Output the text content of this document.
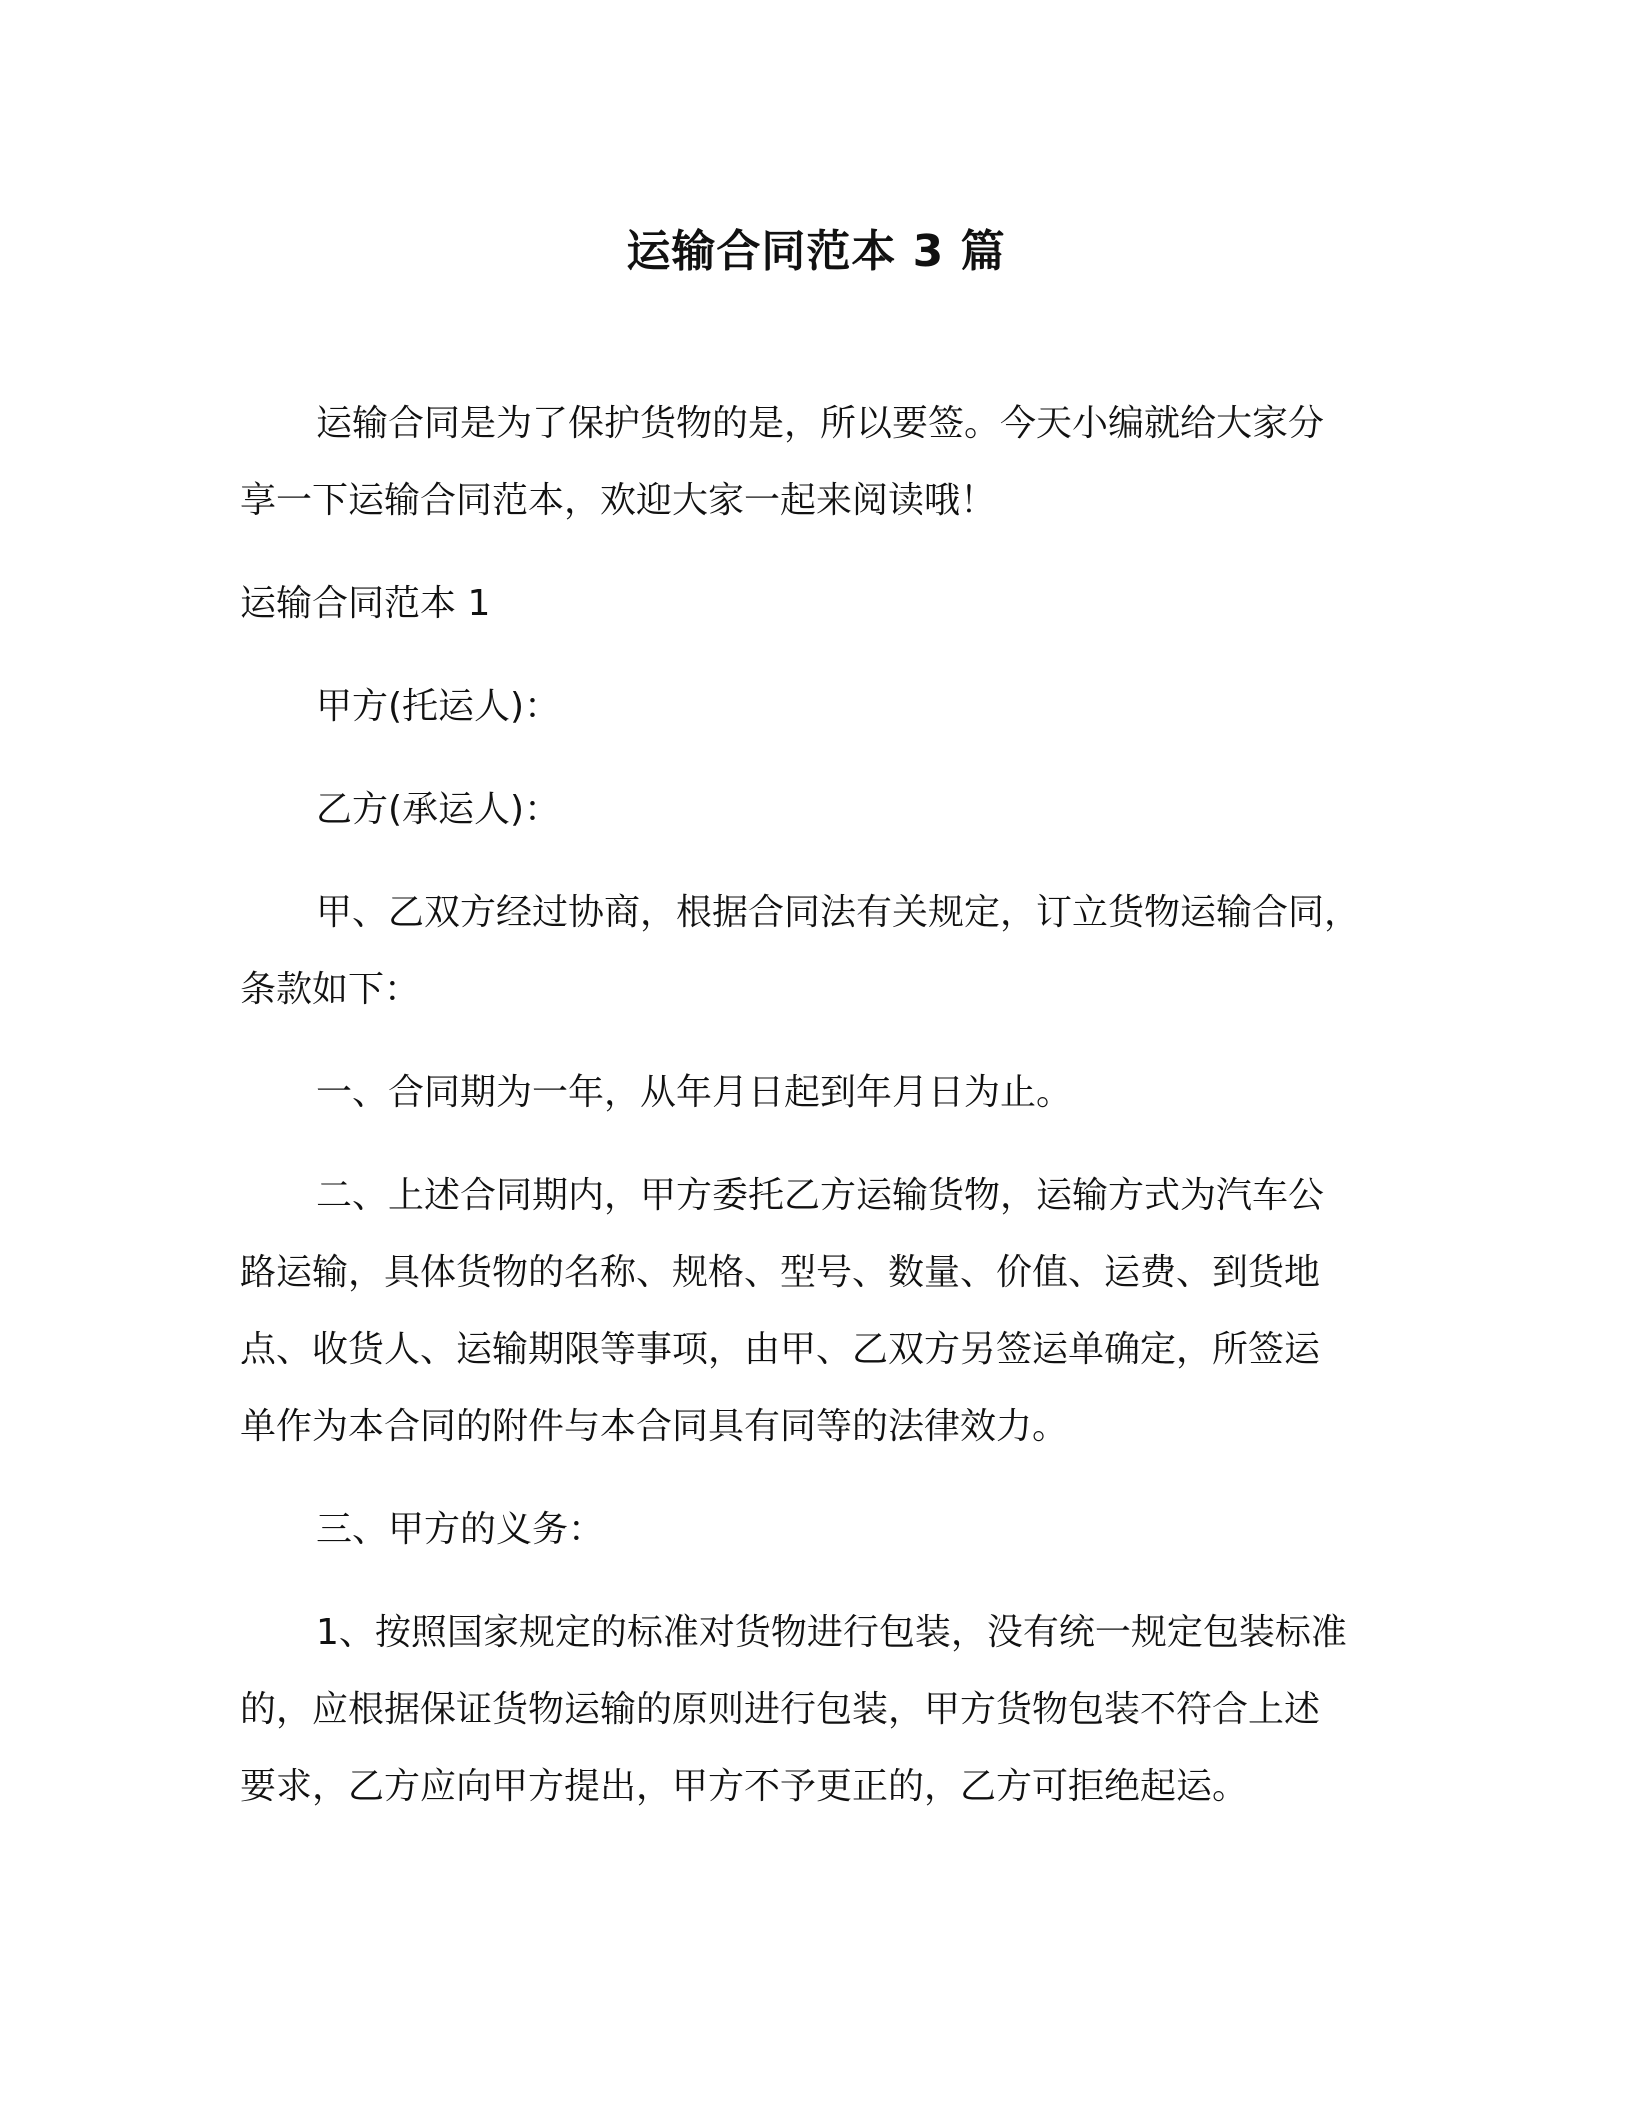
运输合同范本 3 篇
运输合同是为了保护货物的是，所以要签。今天小编就给大家分
享一下运输合同范本，欢迎大家一起来阅读哦！
运输合同范本 1
甲方(托运人)：
乙方(承运人)：
甲、乙双方经过协商，根据合同法有关规定，订立货物运输合同，
条款如下：
一、合同期为一年，从年月日起到年月日为止。
二、上述合同期内，甲方委托乙方运输货物，运输方式为汽车公
路运输，具体货物的名称、规格、型号、数量、价值、运费、到货地
点、收货人、运输期限等事项，由甲、乙双方另签运单确定，所签运
单作为本合同的附件与本合同具有同等的法律效力。
三、甲方的义务：
1、按照国家规定的标准对货物进行包装，没有统一规定包装标准
的，应根据保证货物运输的原则进行包装，甲方货物包装不符合上述
要求，乙方应向甲方提出，甲方不予更正的，乙方可拒绝起运。
